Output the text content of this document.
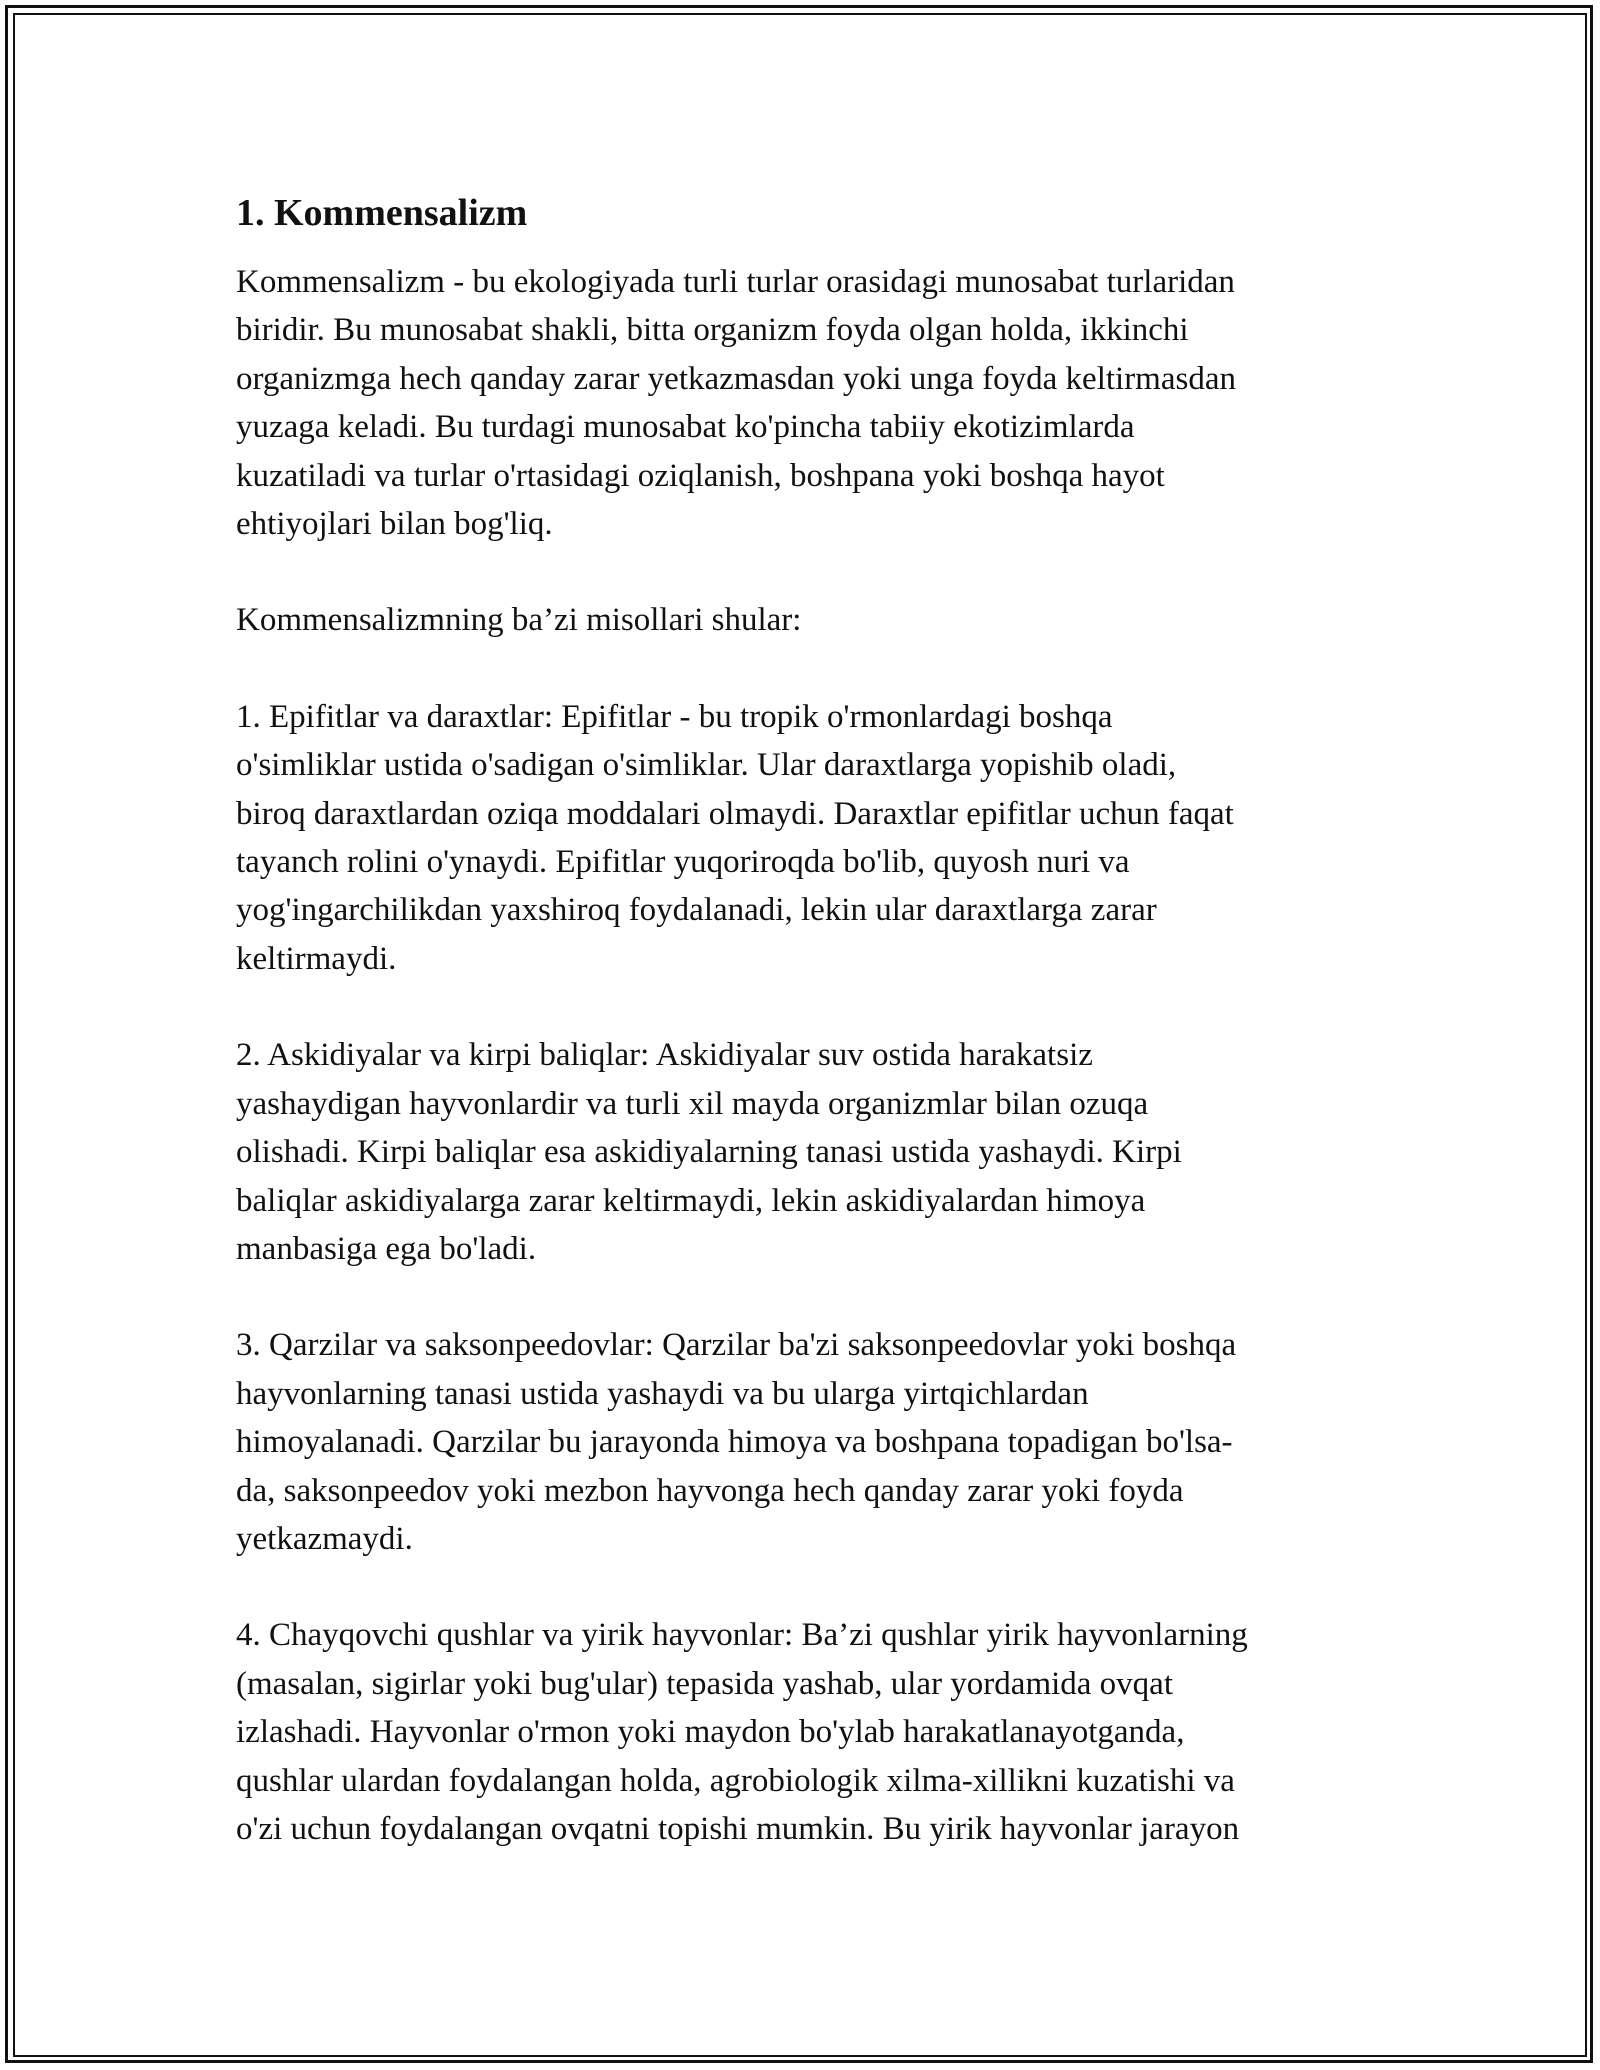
1. Kommensalizm

Kommensalizm - bu ekologiyada turli turlar orasidagi munosabat turlaridan
biridir. Bu munosabat shakli, bitta organizm foyda olgan holda, ikkinchi
organizmga hech qanday zarar yetkazmasdan yoki unga foyda keltirmasdan
yuzaga keladi. Bu turdagi munosabat ko'pincha tabiiy ekotizimlarda
kuzatiladi va turlar o'rtasidagi oziqlanish, boshpana yoki boshqa hayot
ehtiyojlari bilan bog'liq.

Kommensalizmning ba’zi misollari shular:

1. Epifitlar va daraxtlar: Epifitlar - bu tropik o'rmonlardagi boshqa
o'simliklar ustida o'sadigan o'simliklar. Ular daraxtlarga yopishib oladi,
biroq daraxtlardan oziqa moddalari olmaydi. Daraxtlar epifitlar uchun faqat
tayanch rolini o'ynaydi. Epifitlar yuqoriroqda bo'lib, quyosh nuri va
yog'ingarchilikdan yaxshiroq foydalanadi, lekin ular daraxtlarga zarar
keltirmaydi.

2. Askidiyalar va kirpi baliqlar: Askidiyalar suv ostida harakatsiz
yashaydigan hayvonlardir va turli xil mayda organizmlar bilan ozuqa
olishadi. Kirpi baliqlar esa askidiyalarning tanasi ustida yashaydi. Kirpi
baliqlar askidiyalarga zarar keltirmaydi, lekin askidiyalardan himoya
manbasiga ega bo'ladi.

3. Qarzilar va saksonpeedovlar: Qarzilar ba'zi saksonpeedovlar yoki boshqa
hayvonlarning tanasi ustida yashaydi va bu ularga yirtqichlardan
himoyalanadi. Qarzilar bu jarayonda himoya va boshpana topadigan bo'lsa-
da, saksonpeedov yoki mezbon hayvonga hech qanday zarar yoki foyda
yetkazmaydi.

4. Chayqovchi qushlar va yirik hayvonlar: Ba’zi qushlar yirik hayvonlarning
(masalan, sigirlar yoki bug'ular) tepasida yashab, ular yordamida ovqat
izlashadi. Hayvonlar o'rmon yoki maydon bo'ylab harakatlanayotganda,
qushlar ulardan foydalangan holda, agrobiologik xilma-xillikni kuzatishi va
o'zi uchun foydalangan ovqatni topishi mumkin. Bu yirik hayvonlar jarayon
